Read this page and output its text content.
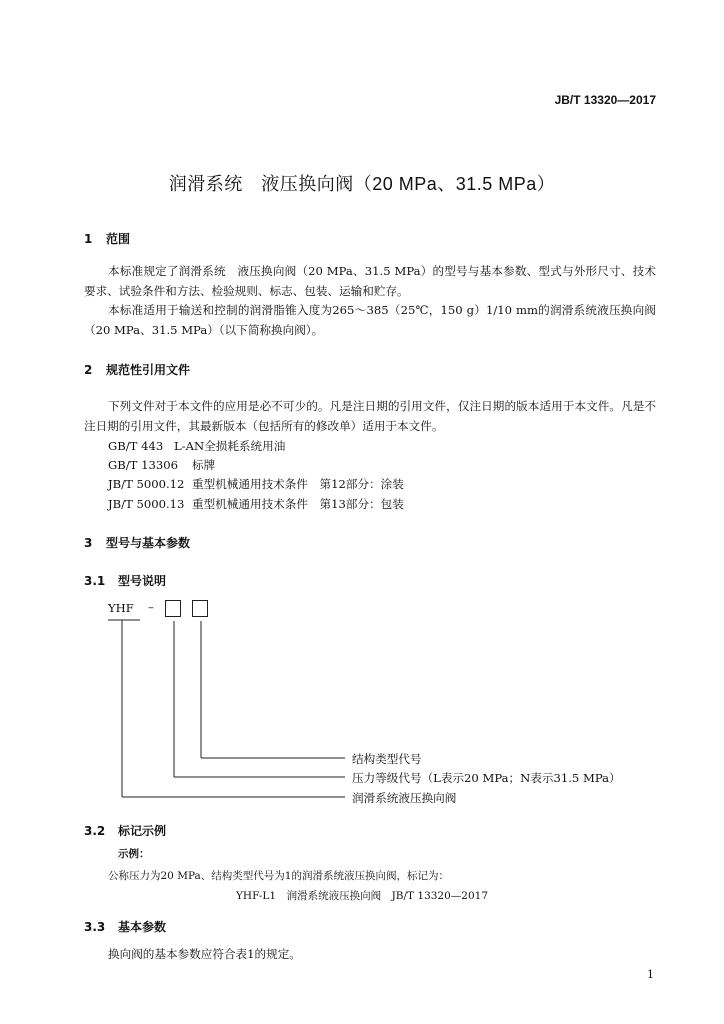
JB/T 13320—2017
润滑系统　液压换向阀（20 MPa、31.5 MPa）
1 范围
本标准规定了润滑系统　液压换向阀（20 MPa、31.5 MPa）的型号与基本参数、型式与外形尺寸、技术要求、试验条件和方法、检验规则、标志、包装、运输和贮存。
本标准适用于输送和控制的润滑脂锥入度为265～385（25℃，150 g）1/10 mm的润滑系统液压换向阀（20 MPa、31.5 MPa）（以下简称换向阀）。
2 规范性引用文件
下列文件对于本文件的应用是必不可少的。凡是注日期的引用文件，仅注日期的版本适用于本文件。凡是不注日期的引用文件，其最新版本（包括所有的修改单）适用于本文件。
GB/T 443 L-AN全损耗系统用油
GB/T 13306 标牌
JB/T 5000.12 重型机械通用技术条件　第12部分：涂装
JB/T 5000.13 重型机械通用技术条件　第13部分：包装
3 型号与基本参数
3.1 型号说明
YHF –
结构类型代号
压力等级代号（L表示20 MPa；N表示31.5 MPa）
润滑系统液压换向阀
3.2 标记示例
示例：
公称压力为20 MPa、结构类型代号为1的润滑系统液压换向阀，标记为：
YHF-L1　润滑系统液压换向阀　JB/T 13320—2017
3.3 基本参数
换向阀的基本参数应符合表1的规定。
1
